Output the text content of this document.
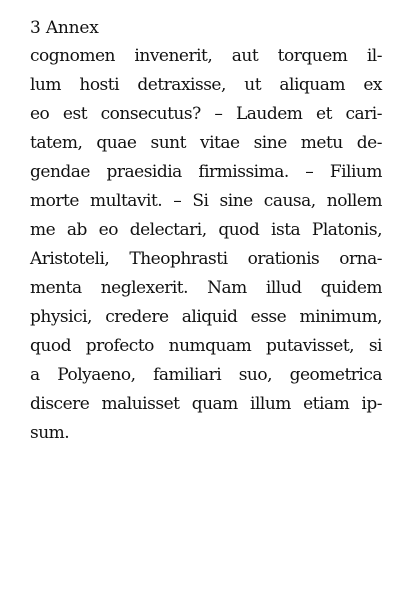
3 Annex
cognomen invenerit, aut torquem il-
lum hosti detraxisse, ut aliquam ex
eo est consecutus? – Laudem et cari-
tatem, quae sunt vitae sine metu de-
gendae praesidia firmissima. – Filium
morte multavit. – Si sine causa, nollem
me ab eo delectari, quod ista Platonis,
Aristoteli, Theophrasti orationis orna-
menta neglexerit. Nam illud quidem
physici, credere aliquid esse minimum,
quod profecto numquam putavisset, si
a Polyaeno, familiari suo, geometrica
discere maluisset quam illum etiam ip-
sum.
